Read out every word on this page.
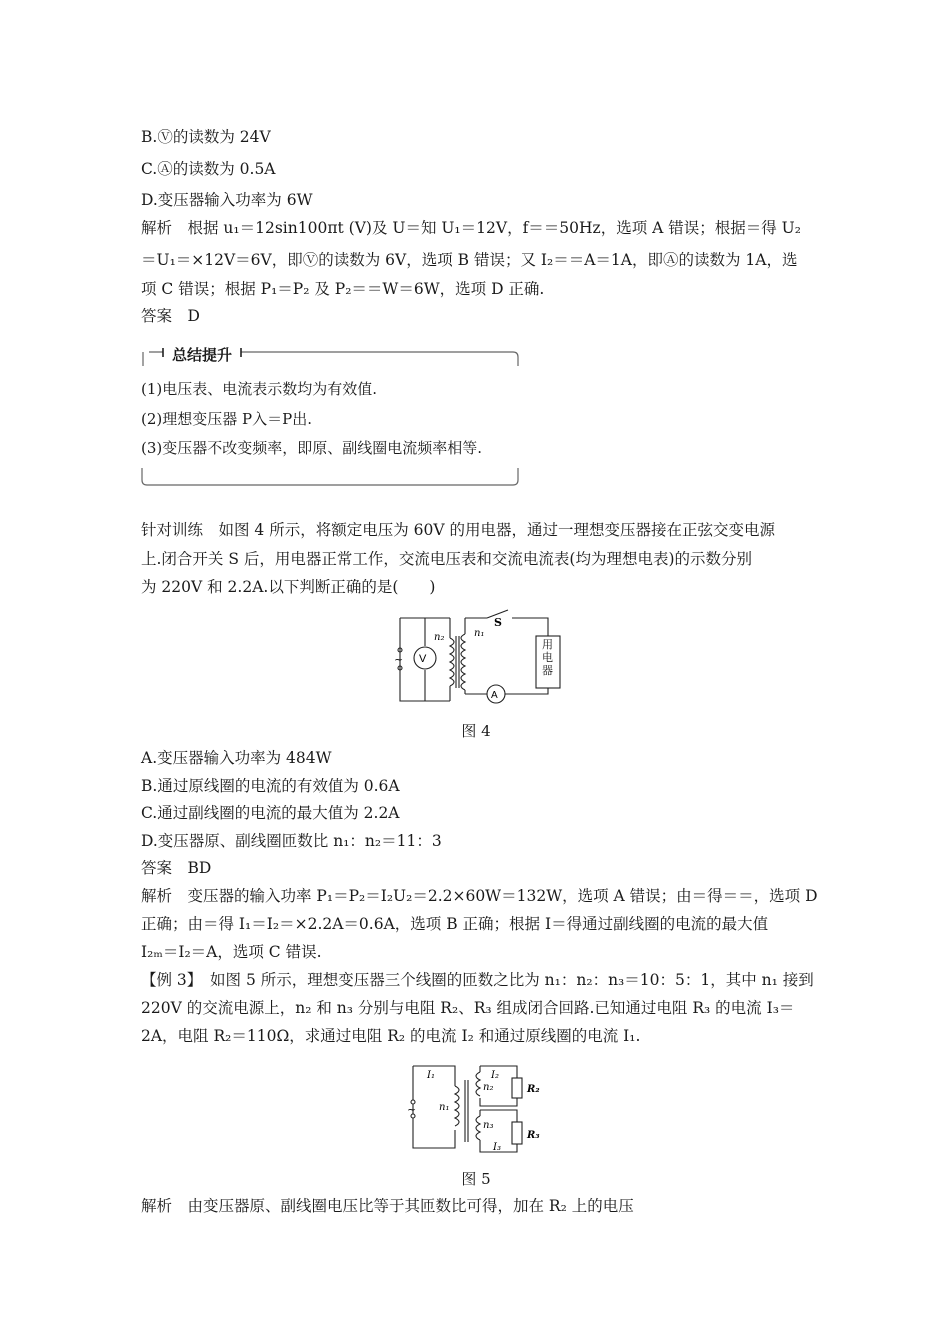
B.Ⓥ的读数为 24V
C.Ⓐ的读数为 0.5A
D.变压器输入功率为 6W
解析　根据 u₁＝12sin100πt (V)及 U＝知 U₁＝12V，f＝＝50Hz，选项 A 错误；根据＝得 U₂
＝U₁＝×12V＝6V，即Ⓥ的读数为 6V，选项 B 错误；又 I₂＝＝A＝1A，即Ⓐ的读数为 1A，选
项 C 错误；根据 P₁＝P₂ 及 P₂＝＝W＝6W，选项 D 正确.
答案　D
总结提升
(1)电压表、电流表示数均为有效值.
(2)理想变压器 P入＝P出.
(3)变压器不改变频率，即原、副线圈电流频率相等.
针对训练　如图 4 所示，将额定电压为 60V 的用电器，通过一理想变压器接在正弦交变电源
上.闭合开关 S 后，用电器正常工作，交流电压表和交流电流表(均为理想电表)的示数分别
为 220V 和 2.2A.以下判断正确的是(　　)
~ V
A
n₂	n₁
S
用电器
图 4
A.变压器输入功率为 484W
B.通过原线圈的电流的有效值为 0.6A
C.通过副线圈的电流的最大值为 2.2A
D.变压器原、副线圈匝数比 n₁：n₂＝11：3
答案　BD
解析　变压器的输入功率 P₁＝P₂＝I₂U₂＝2.2×60W＝132W，选项 A 错误；由＝得＝＝，选项 D
正确；由＝得 I₁＝I₂＝×2.2A＝0.6A，选项 B 正确；根据 I＝得通过副线圈的电流的最大值
I₂ₘ＝I₂＝A，选项 C 错误.
【例 3】　如图 5 所示，理想变压器三个线圈的匝数之比为 n₁：n₂：n₃＝10：5：1，其中 n₁ 接到
220V 的交流电源上，n₂ 和 n₃ 分别与电阻 R₂、R₃ 组成闭合回路.已知通过电阻 R₃ 的电流 I₃＝
2A，电阻 R₂＝110Ω，求通过电阻 R₂ 的电流 I₂ 和通过原线圈的电流 I₁.
~
I₁
n₁
n₂
n₃
I₂
I₃
R₂
R₃
图 5
解析　由变压器原、副线圈电压比等于其匝数比可得，加在 R₂ 上的电压
